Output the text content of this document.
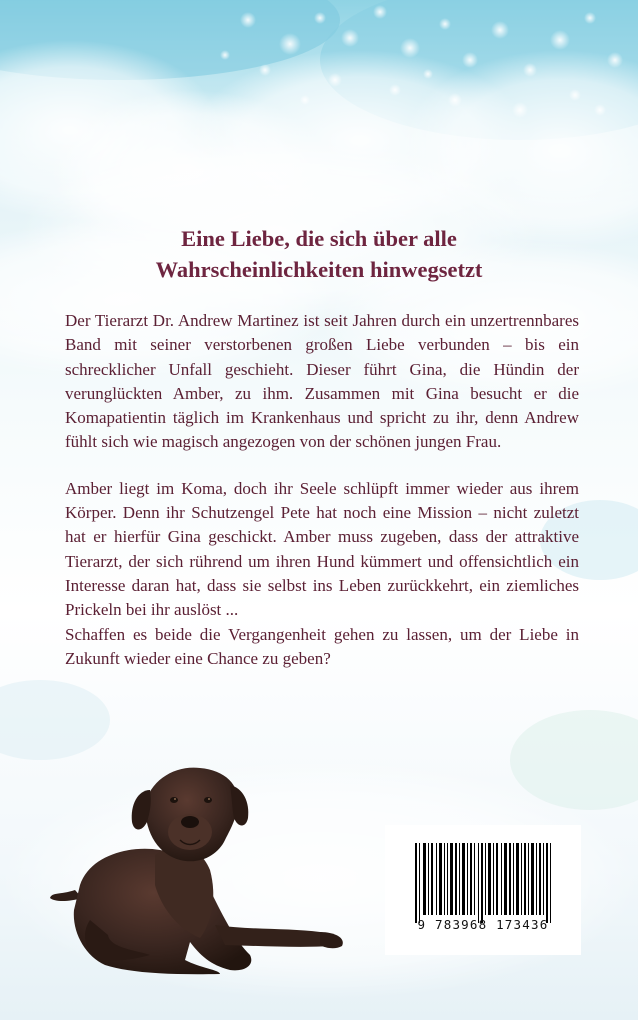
Eine Liebe, die sich über alle
Wahrscheinlichkeiten hinwegsetzt

Der Tierarzt Dr. Andrew Martinez ist seit Jahren durch ein unzertrennbares Band mit seiner verstorbenen großen Liebe verbunden – bis ein schrecklicher Unfall geschieht. Dieser führt Gina, die Hündin der verunglückten Amber, zu ihm. Zusammen mit Gina besucht er die Komapatientin täglich im Krankenhaus und spricht zu ihr, denn Andrew fühlt sich wie magisch angezogen von der schönen jungen Frau.

Amber liegt im Koma, doch ihr Seele schlüpft immer wieder aus ihrem Körper. Denn ihr Schutzengel Pete hat noch eine Mission – nicht zuletzt hat er hierfür Gina geschickt. Amber muss zugeben, dass der attraktive Tierarzt, der sich rührend um ihren Hund kümmert und offensichtlich ein Interesse daran hat, dass sie selbst ins Leben zurückkehrt, ein ziemliches Prickeln bei ihr auslöst ...

Schaffen es beide die Vergangenheit gehen zu lassen, um der Liebe in Zukunft wieder eine Chance zu geben?

9 783968 173436
